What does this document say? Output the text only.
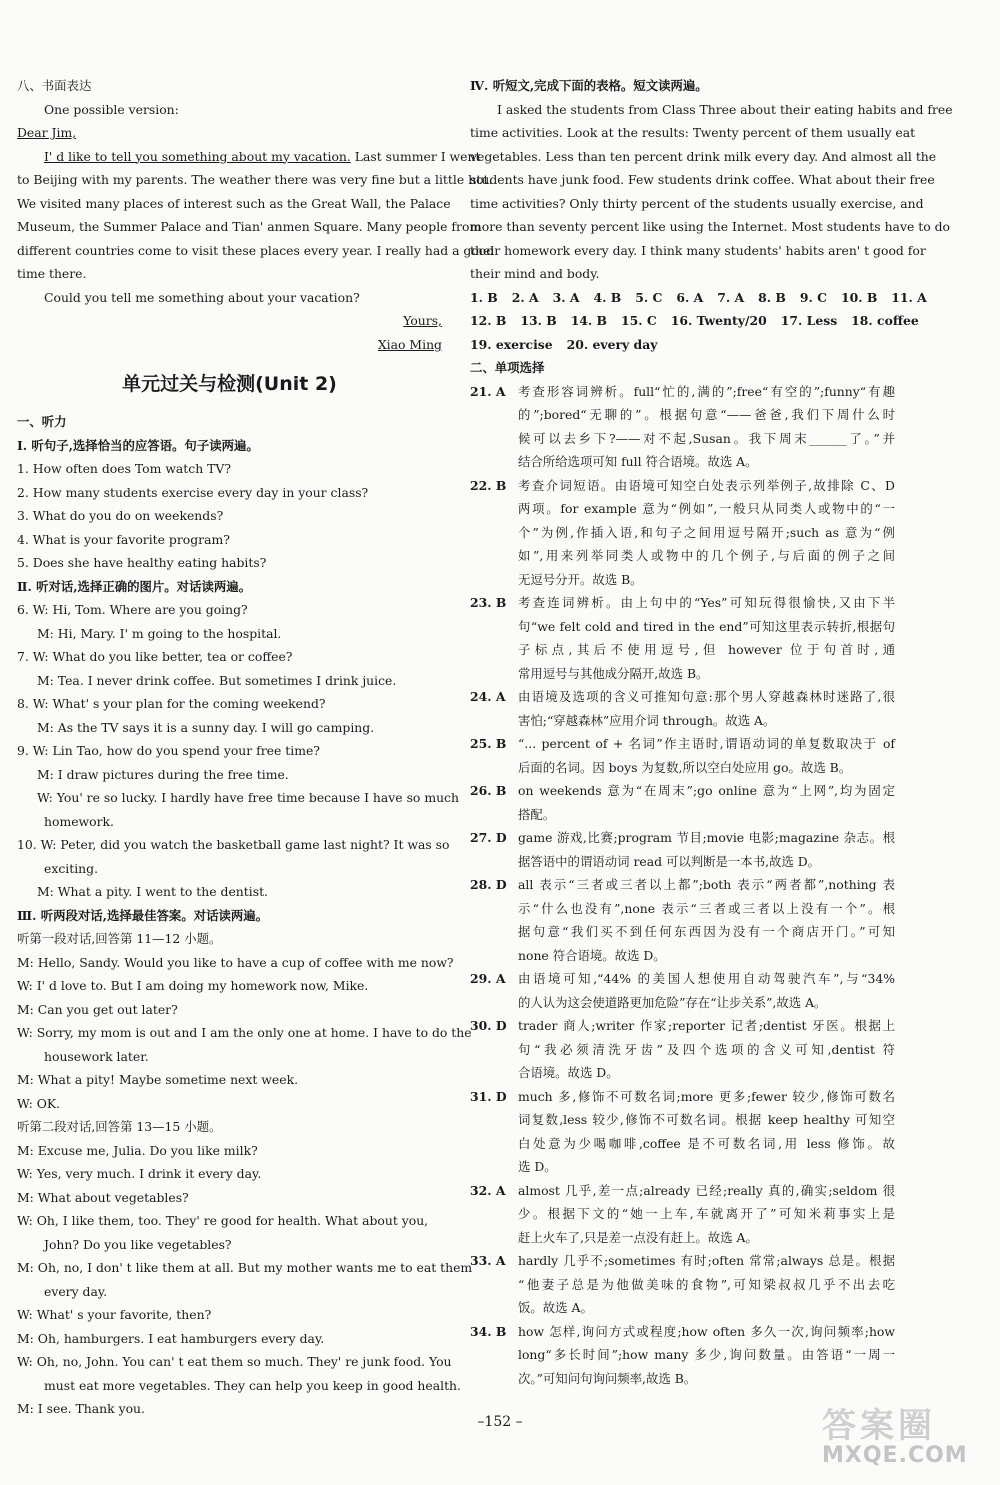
八、书面表达
One possible version:
Dear Jim,
I' d like to tell you something about my vacation. Last summer I went
to Beijing with my parents. The weather there was very fine but a little hot.
We visited many places of interest such as the Great Wall, the Palace
Museum, the Summer Palace and Tian' anmen Square. Many people from
different countries come to visit these places every year. I really had a good
time there.
Could you tell me something about your vacation?
Yours,
Xiao Ming
单元过关与检测(Unit 2)
一、听力
Ⅰ. 听句子,选择恰当的应答语。句子读两遍。
1. How often does Tom watch TV?
2. How many students exercise every day in your class?
3. What do you do on weekends?
4. What is your favorite program?
5. Does she have healthy eating habits?
Ⅱ. 听对话,选择正确的图片。对话读两遍。
6. W: Hi, Tom. Where are you going?
M: Hi, Mary. I' m going to the hospital.
7. W: What do you like better, tea or coffee?
M: Tea. I never drink coffee. But sometimes I drink juice.
8. W: What' s your plan for the coming weekend?
M: As the TV says it is a sunny day. I will go camping.
9. W: Lin Tao, how do you spend your free time?
M: I draw pictures during the free time.
W: You' re so lucky. I hardly have free time because I have so much
homework.
10. W: Peter, did you watch the basketball game last night? It was so
exciting.
M: What a pity. I went to the dentist.
Ⅲ. 听两段对话,选择最佳答案。对话读两遍。
听第一段对话,回答第 11—12 小题。
M: Hello, Sandy. Would you like to have a cup of coffee with me now?
W: I' d love to. But I am doing my homework now, Mike.
M: Can you get out later?
W: Sorry, my mom is out and I am the only one at home. I have to do the
housework later.
M: What a pity! Maybe sometime next week.
W: OK.
听第二段对话,回答第 13—15 小题。
M: Excuse me, Julia. Do you like milk?
W: Yes, very much. I drink it every day.
M: What about vegetables?
W: Oh, I like them, too. They' re good for health. What about you,
John? Do you like vegetables?
M: Oh, no, I don' t like them at all. But my mother wants me to eat them
every day.
W: What' s your favorite, then?
M: Oh, hamburgers. I eat hamburgers every day.
W: Oh, no, John. You can' t eat them so much. They' re junk food. You
must eat more vegetables. They can help you keep in good health.
M: I see. Thank you.
Ⅳ. 听短文,完成下面的表格。短文读两遍。
I asked the students from Class Three about their eating habits and free
time activities. Look at the results: Twenty percent of them usually eat
vegetables. Less than ten percent drink milk every day. And almost all the
students have junk food. Few students drink coffee. What about their free
time activities? Only thirty percent of the students usually exercise, and
more than seventy percent like using the Internet. Most students have to do
their homework every day. I think many students' habits aren' t good for
their mind and body.
1. B 2. A 3. A 4. B 5. C 6. A 7. A 8. B 9. C 10. B 11. A
12. B 13. B 14. B 15. C 16. Twenty/20 17. Less 18. coffee
19. exercise 20. every day
二、单项选择
21. A	考查形容词辨析。full“忙的,满的”;free“有空的”;funny“有趣
的”;bored“无聊的”。根据句意“——爸爸,我们下周什么时
候可以去乡下?——对不起,Susan。我下周末______了。”并
结合所给选项可知 full 符合语境。故选 A。
22. B 考查介词短语。由语境可知空白处表示列举例子,故排除 C、D
两项。for example 意为“例如”,一般只从同类人或物中的“一
个”为例,作插入语,和句子之间用逗号隔开;such as 意为“例
如”,用来列举同类人或物中的几个例子,与后面的例子之间
无逗号分开。故选 B。
23. B 考查连词辨析。由上句中的“Yes”可知玩得很愉快,又由下半
句“we felt cold and tired in the end”可知这里表示转折,根据句
子标点,其后不使用逗号,但 however 位于句首时,通
常用逗号与其他成分隔开,故选 B。
24. A	由语境及选项的含义可推知句意:那个男人穿越森林时迷路了,很
害怕;“穿越森林”应用介词 through。故选 A。
25. B “... percent of + 名词”作主语时,谓语动词的单复数取决于 of
后面的名词。因 boys 为复数,所以空白处应用 go。故选 B。
26. B on weekends 意为“在周末”;go online 意为“上网”,均为固定
搭配。
27. D game 游戏,比赛;program 节目;movie 电影;magazine 杂志。根
据答语中的谓语动词 read 可以判断是一本书,故选 D。
28. D all 表示“三者或三者以上都”;both 表示“两者都”,nothing 表
示“什么也没有”,none 表示“三者或三者以上没有一个”。根
据句意“我们买不到任何东西因为没有一个商店开门。”可知
none 符合语境。故选 D。
29. A	由语境可知,“44% 的美国人想使用自动驾驶汽车”,与“34%
的人认为这会使道路更加危险”存在“让步关系”,故选 A。
30. D trader 商人;writer 作家;reporter 记者;dentist 牙医。根据上
句“我必须清洗牙齿”及四个选项的含义可知,dentist 符
合语境。故选 D。
31. D much 多,修饰不可数名词;more 更多;fewer 较少,修饰可数名
词复数,less 较少,修饰不可数名词。根据 keep healthy 可知空
白处意为少喝咖啡,coffee 是不可数名词,用 less 修饰。故
选 D。
32. A	almost 几乎,差一点;already 已经;really 真的,确实;seldom 很
少。根据下文的“她一上车,车就离开了”可知米莉事实上是
赶上火车了,只是差一点没有赶上。故选 A。
33. A	hardly 几乎不;sometimes 有时;often 常常;always 总是。根据
“他妻子总是为他做美味的食物”,可知梁叔叔几乎不出去吃
饭。故选 A。
34. B how 怎样,询问方式或程度;how often 多久一次,询问频率;how
long“多长时间”;how many 多少,询问数量。由答语“一周一
次。”可知问句询问频率,故选 B。
–152 –	答案圈
MXQE.COM
